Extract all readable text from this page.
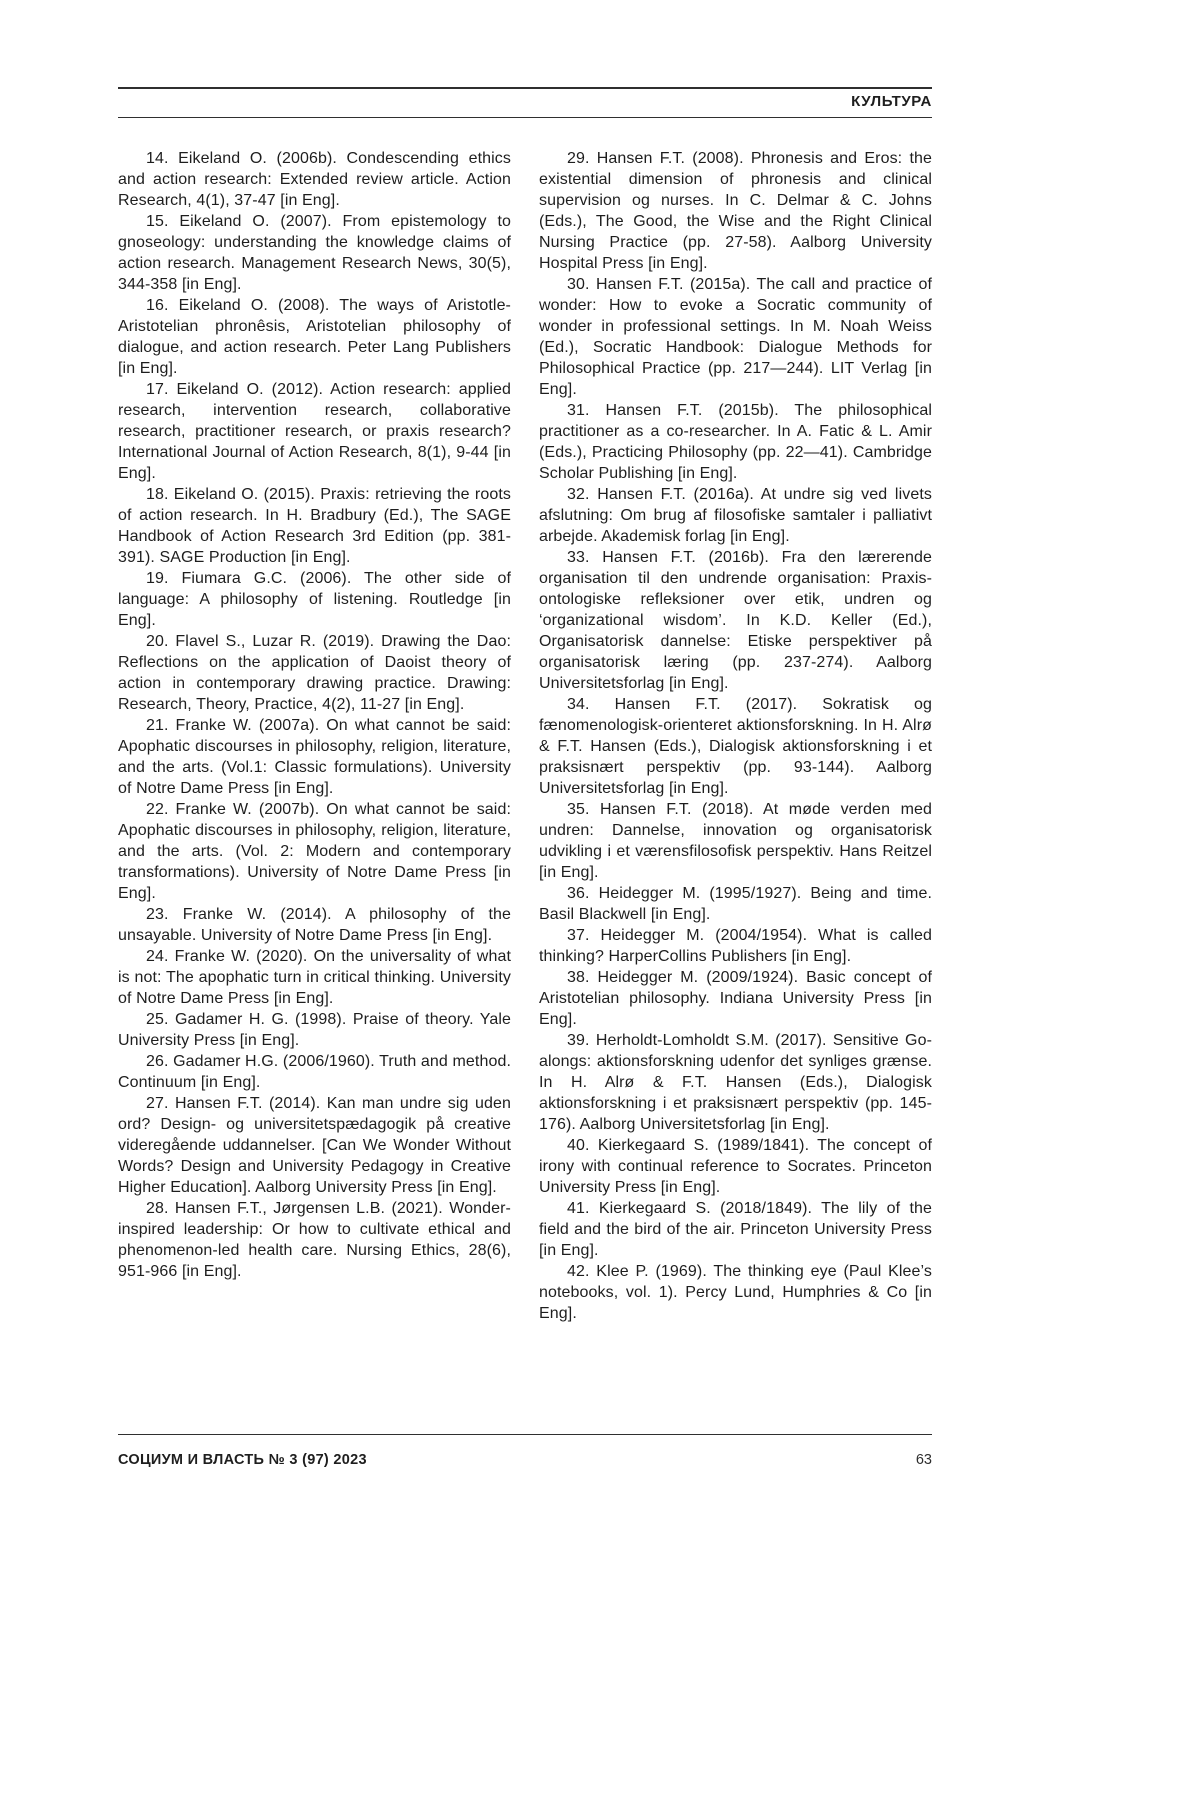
КУЛЬТУРА

14. Eikeland O. (2006b). Condescending ethics and action research: Extended review article. Action Research, 4(1), 37-47 [in Eng].

15. Eikeland O. (2007). From epistemology to gnoseology: understanding the knowledge claims of action research. Management Research News, 30(5), 344-358 [in Eng].

16. Eikeland O. (2008). The ways of Aristotle-Aristotelian phronêsis, Aristotelian philosophy of dialogue, and action research. Peter Lang Publishers [in Eng].

17. Eikeland O. (2012). Action research: applied research, intervention research, collaborative research, practitioner research, or praxis research? International Journal of Action Research, 8(1), 9-44 [in Eng].

18. Eikeland O. (2015). Praxis: retrieving the roots of action research. In H. Bradbury (Ed.), The SAGE Handbook of Action Research 3rd Edition (pp. 381-391). SAGE Production [in Eng].

19. Fiumara G.C. (2006). The other side of language: A philosophy of listening. Routledge [in Eng].

20. Flavel S., Luzar R. (2019). Drawing the Dao: Reflections on the application of Daoist theory of action in contemporary drawing practice. Drawing: Research, Theory, Practice, 4(2), 11-27 [in Eng].

21. Franke W. (2007a). On what cannot be said: Apophatic discourses in philosophy, religion, literature, and the arts. (Vol.1: Classic formulations). University of Notre Dame Press [in Eng].

22. Franke W. (2007b). On what cannot be said: Apophatic discourses in philosophy, religion, literature, and the arts. (Vol. 2: Modern and contemporary transformations). University of Notre Dame Press [in Eng].

23. Franke W. (2014). A philosophy of the unsayable. University of Notre Dame Press [in Eng].

24. Franke W. (2020). On the universality of what is not: The apophatic turn in critical thinking. University of Notre Dame Press [in Eng].

25. Gadamer H. G. (1998). Praise of theory. Yale University Press [in Eng].

26. Gadamer H.G. (2006/1960). Truth and method. Continuum [in Eng].

27. Hansen F.T. (2014). Kan man undre sig uden ord? Design- og universitetspædagogik på creative videregående uddannelser. [Can We Wonder Without Words? Design and University Pedagogy in Creative Higher Education]. Aalborg University Press [in Eng].

28. Hansen F.T., Jørgensen L.B. (2021). Wonder-inspired leadership: Or how to cultivate ethical and phenomenon-led health care. Nursing Ethics, 28(6), 951-966 [in Eng].

29. Hansen F.T. (2008). Phronesis and Eros: the existential dimension of phronesis and clinical supervision og nurses. In C. Delmar & C. Johns (Eds.), The Good, the Wise and the Right Clinical Nursing Practice (pp. 27-58). Aalborg University Hospital Press [in Eng].

30. Hansen F.T. (2015a). The call and practice of wonder: How to evoke a Socratic community of wonder in professional settings. In M. Noah Weiss (Ed.), Socratic Handbook: Dialogue Methods for Philosophical Practice (pp. 217—244). LIT Verlag [in Eng].

31. Hansen F.T. (2015b). The philosophical practitioner as a co-researcher. In A. Fatic & L. Amir (Eds.), Practicing Philosophy (pp. 22—41). Cambridge Scholar Publishing [in Eng].

32. Hansen F.T. (2016a). At undre sig ved livets afslutning: Om brug af filosofiske samtaler i palliativt arbejde. Akademisk forlag [in Eng].

33. Hansen F.T. (2016b). Fra den lærerende organisation til den undrende organisation: Praxis-ontologiske refleksioner over etik, undren og ‘organizational wisdom’. In K.D. Keller (Ed.), Organisatorisk dannelse: Etiske perspektiver på organisatorisk læring (pp. 237-274). Aalborg Universitetsforlag [in Eng].

34. Hansen F.T. (2017). Sokratisk og fænomenologisk-orienteret aktionsforskning. In H. Alrø & F.T. Hansen (Eds.), Dialogisk aktionsforskning i et praksisnært perspektiv (pp. 93-144). Aalborg Universitetsforlag [in Eng].

35. Hansen F.T. (2018). At møde verden med undren: Dannelse, innovation og organisatorisk udvikling i et værensfilosofisk perspektiv. Hans Reitzel [in Eng].

36. Heidegger M. (1995/1927). Being and time. Basil Blackwell [in Eng].

37. Heidegger M. (2004/1954). What is called thinking? HarperCollins Publishers [in Eng].

38. Heidegger M. (2009/1924). Basic concept of Aristotelian philosophy. Indiana University Press [in Eng].

39. Herholdt-Lomholdt S.M. (2017). Sensitive Go-alongs: aktionsforskning udenfor det synliges grænse. In H. Alrø & F.T. Hansen (Eds.), Dialogisk aktionsforskning i et praksisnært perspektiv (pp. 145-176). Aalborg Universitetsforlag [in Eng].

40. Kierkegaard S. (1989/1841). The concept of irony with continual reference to Socrates. Princeton University Press [in Eng].

41. Kierkegaard S. (2018/1849). The lily of the field and the bird of the air. Princeton University Press [in Eng].

42. Klee P. (1969). The thinking eye (Paul Klee’s notebooks, vol. 1). Percy Lund, Humphries & Co [in Eng].

СОЦИУМ И ВЛАСТЬ № 3 (97) 2023	63
